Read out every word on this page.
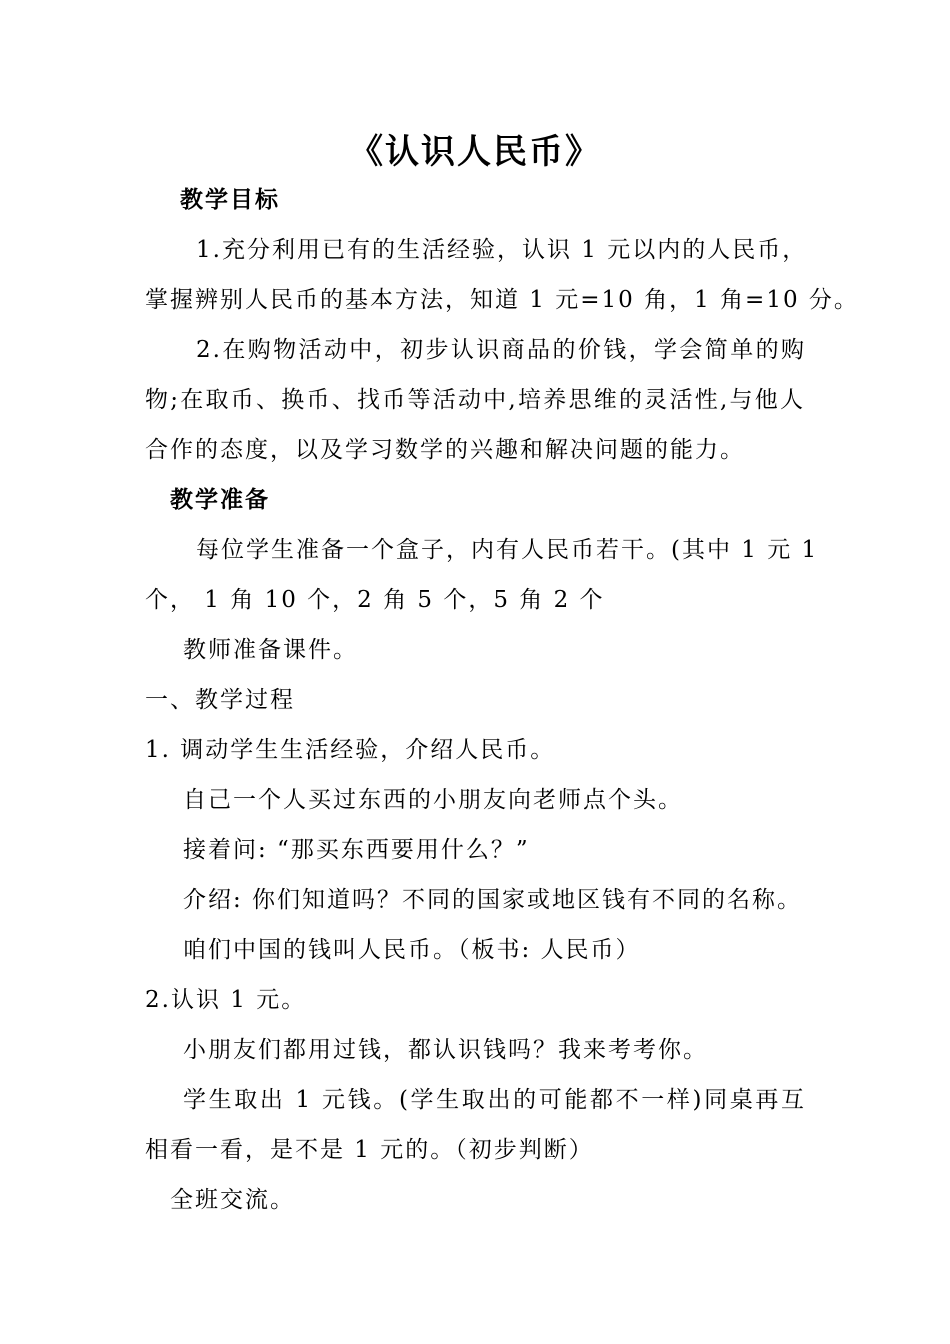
《认识人民币》
教学目标
1.充分利用已有的生活经验，认识 1 元以内的人民币，
掌握辨别人民币的基本方法，知道 1 元=10 角，1 角=10 分。
2.在购物活动中，初步认识商品的价钱，学会简单的购
物;在取币、换币、找币等活动中,培养思维的灵活性,与他人
合作的态度，以及学习数学的兴趣和解决问题的能力。
教学准备
每位学生准备一个盒子，内有人民币若干。(其中 1 元 1
个， 1 角 10 个，2 角 5 个，5 角 2 个
教师准备课件。
一、教学过程
1. 调动学生生活经验，介绍人民币。
自己一个人买过东西的小朋友向老师点个头。
接着问: “那买东西要用什么？”
介绍: 你们知道吗？不同的国家或地区钱有不同的名称。
咱们中国的钱叫人民币。（板书: 人民币）
2.认识 1 元。
小朋友们都用过钱，都认识钱吗？我来考考你。
学生取出 1 元钱。(学生取出的可能都不一样)同桌再互
相看一看，是不是 1 元的。（初步判断）
全班交流。
